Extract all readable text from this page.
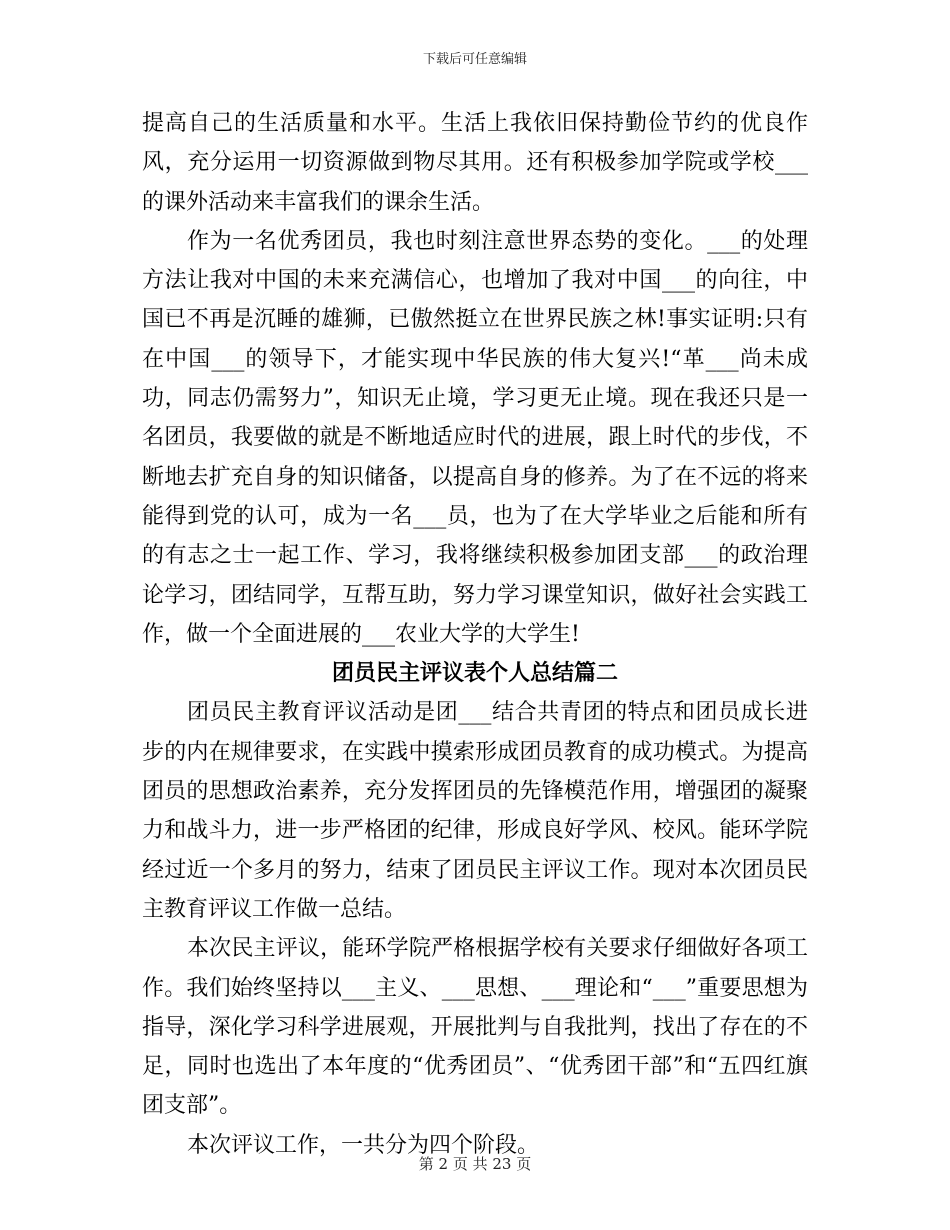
下载后可任意编辑

提高自己的生活质量和水平。生活上我依旧保持勤俭节约的优良作风，充分运用一切资源做到物尽其用。还有积极参加学院或学校___的课外活动来丰富我们的课余生活。

作为一名优秀团员，我也时刻注意世界态势的变化。___的处理方法让我对中国的未来充满信心，也增加了我对中国___的向往，中国已不再是沉睡的雄狮，已傲然挺立在世界民族之林!事实证明:只有在中国___的领导下，才能实现中华民族的伟大复兴!“革___尚未成功，同志仍需努力”，知识无止境，学习更无止境。现在我还只是一名团员，我要做的就是不断地适应时代的进展，跟上时代的步伐，不断地去扩充自身的知识储备，以提高自身的修养。为了在不远的将来能得到党的认可，成为一名___员，也为了在大学毕业之后能和所有的有志之士一起工作、学习，我将继续积极参加团支部___的政治理论学习，团结同学，互帮互助，努力学习课堂知识，做好社会实践工作，做一个全面进展的___农业大学的大学生!

团员民主评议表个人总结篇二

团员民主教育评议活动是团___结合共青团的特点和团员成长进步的内在规律要求，在实践中摸索形成团员教育的成功模式。为提高团员的思想政治素养，充分发挥团员的先锋模范作用，增强团的凝聚力和战斗力，进一步严格团的纪律，形成良好学风、校风。能环学院经过近一个多月的努力，结束了团员民主评议工作。现对本次团员民主教育评议工作做一总结。

本次民主评议，能环学院严格根据学校有关要求仔细做好各项工作。我们始终坚持以___主义、___思想、___理论和“___”重要思想为指导，深化学习科学进展观，开展批判与自我批判，找出了存在的不足，同时也选出了本年度的“优秀团员”、“优秀团干部”和“五四红旗团支部”。

本次评议工作，一共分为四个阶段。

第 2 页 共 23 页
